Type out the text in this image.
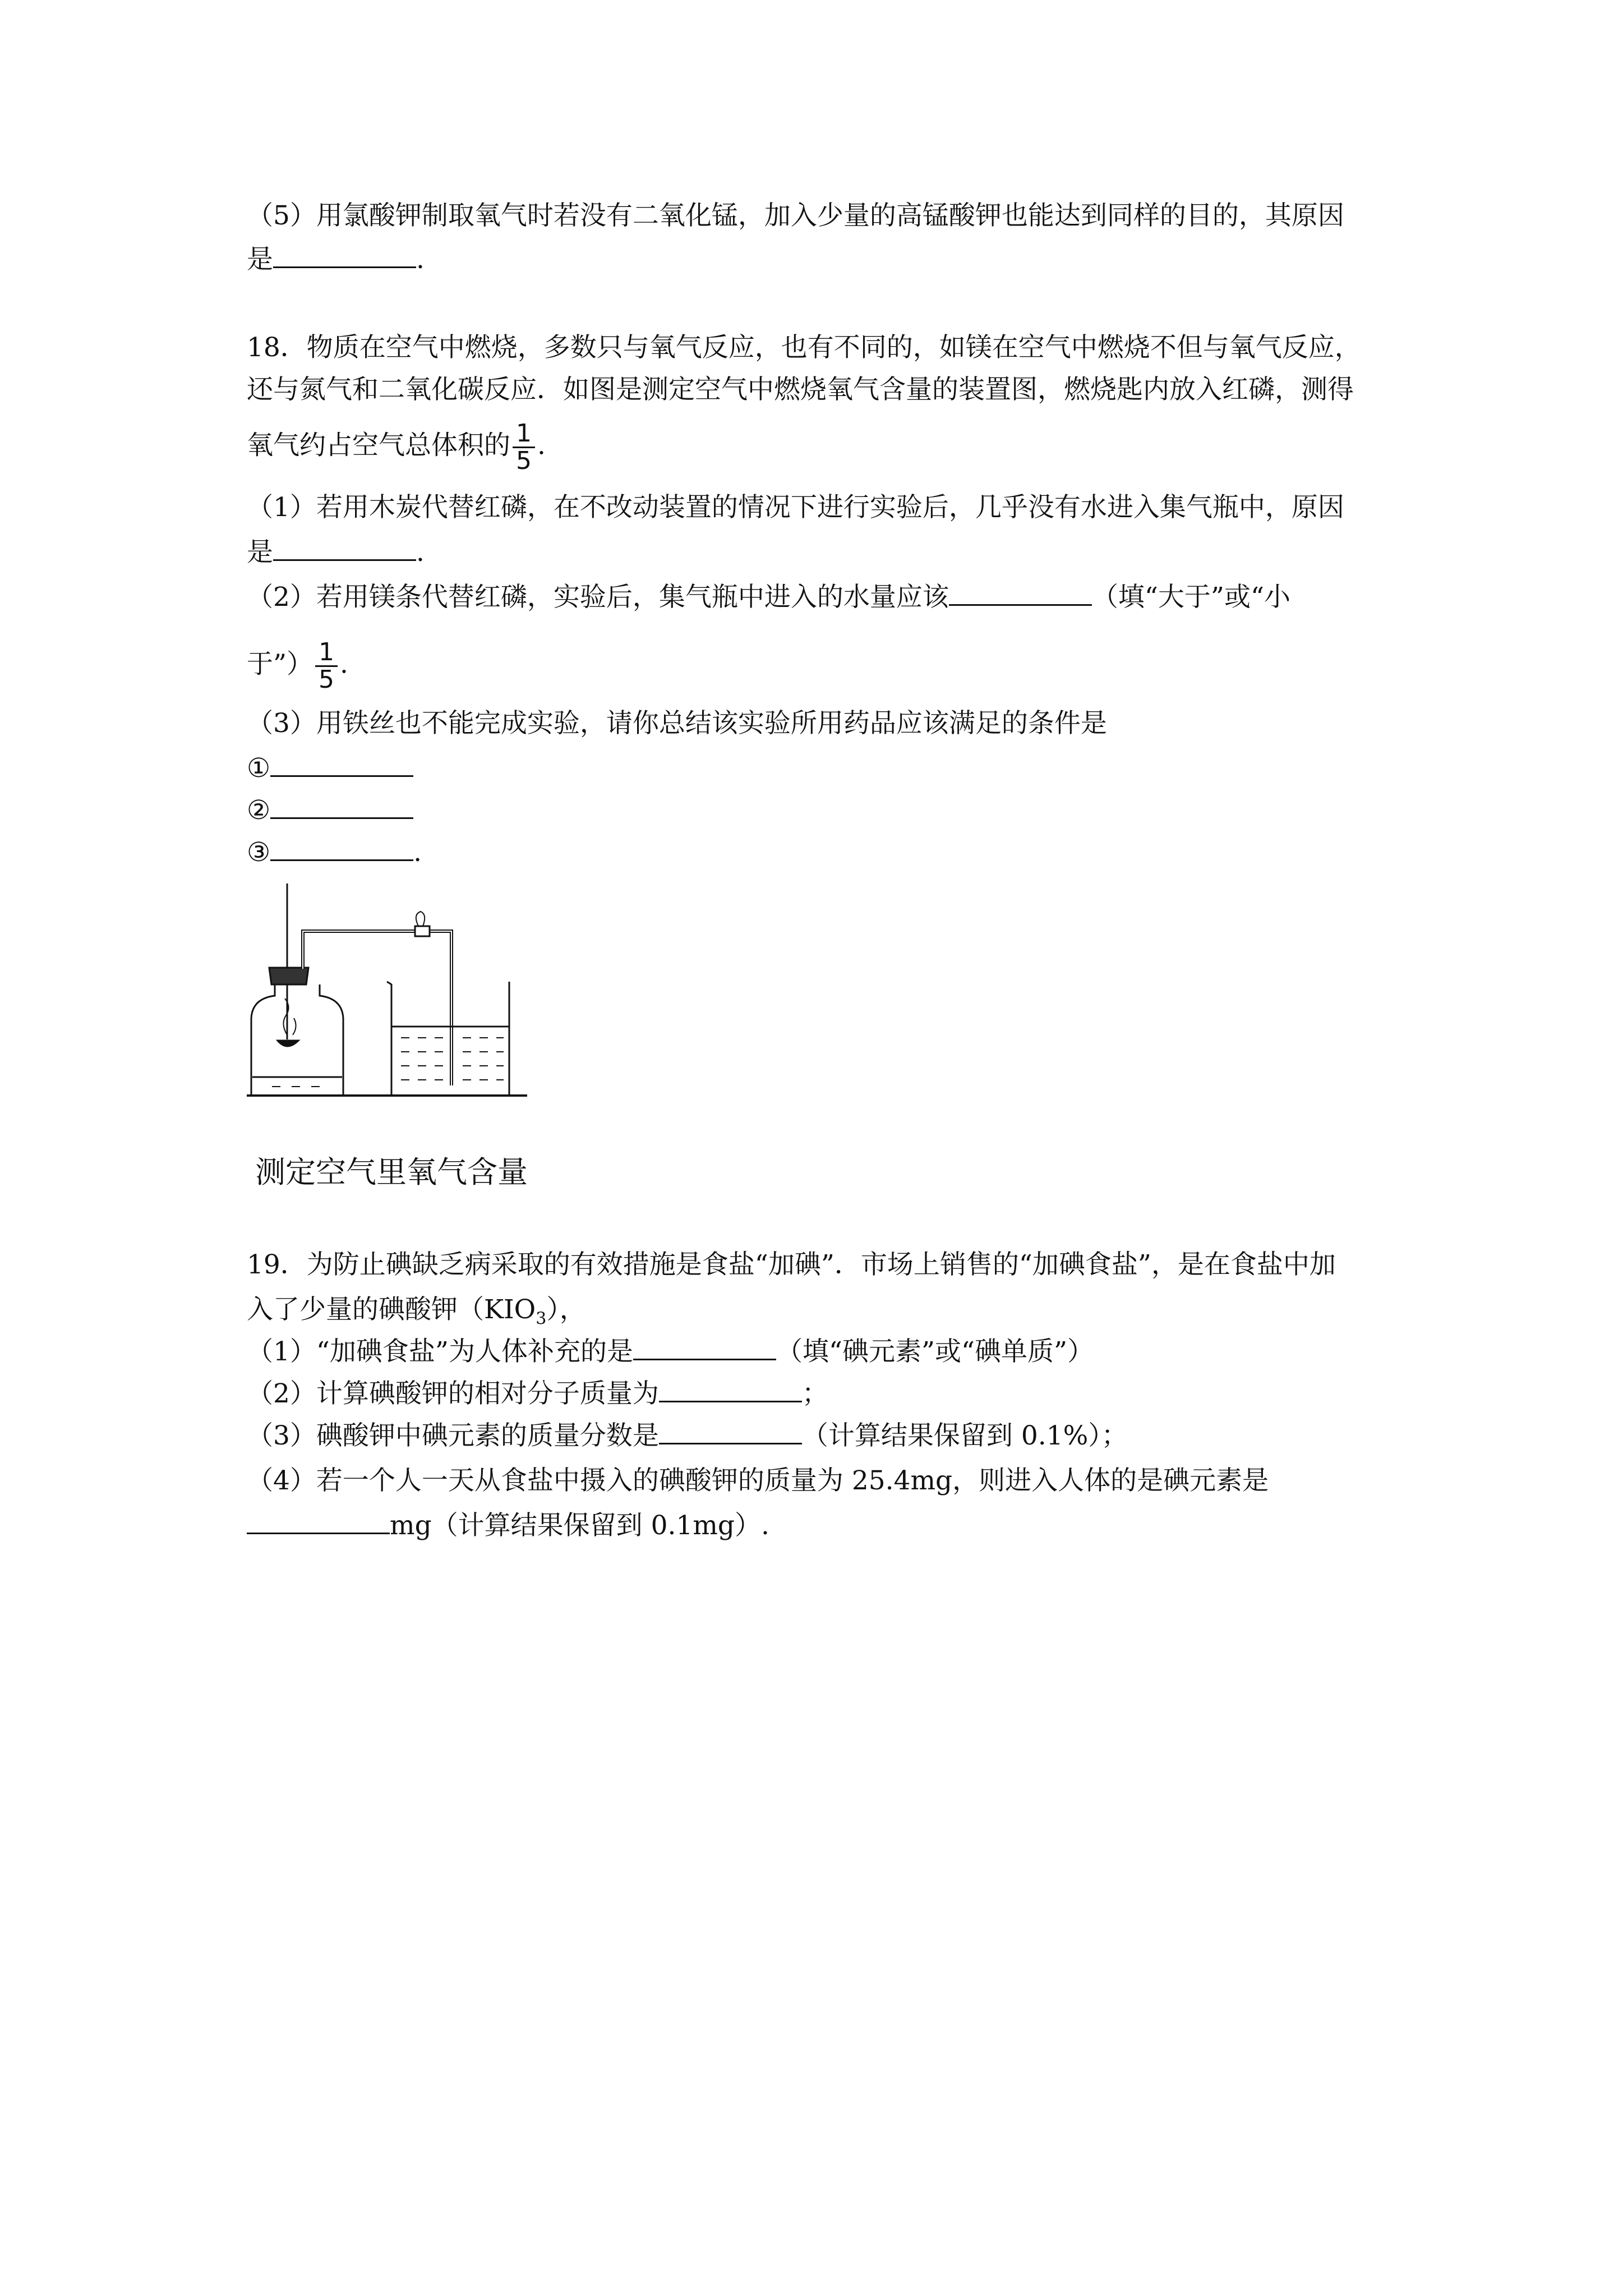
（5）用氯酸钾制取氧气时若没有二氧化锰，加入少量的高锰酸钾也能达到同样的目的，其原因
是	.
18．物质在空气中燃烧，多数只与氧气反应，也有不同的，如镁在空气中燃烧不但与氧气反应，
还与氮气和二氧化碳反应．如图是测定空气中燃烧氧气含量的装置图，燃烧匙内放入红磷，测得
氧气约占空气总体积的 $\frac{1}{5}$ .
（1）若用木炭代替红磷，在不改动装置的情况下进行实验后，几乎没有水进入集气瓶中，原因
是	.
（2）若用镁条代替红磷，实验后，集气瓶中进入的水量应该	（填“大于”或“小
于”） $\frac{1}{5}$ .
（3）用铁丝也不能完成实验，请你总结该实验所用药品应该满足的条件是
①
②
③	.
测定空气里氧气含量
19．为防止碘缺乏病采取的有效措施是食盐“加碘”．市场上销售的“加碘食盐”，是在食盐中加
入了少量的碘酸钾$(KIO_3)$，
（1）“加碘食盐”为人体补充的是	（填“碘元素”或“碘单质”）
（2）计算碘酸钾的相对分子质量为	；
（3）碘酸钾中碘元素的质量分数是	（计算结果保留到 0.1%）；
（4）若一个人一天从食盐中摄入的碘酸钾的质量为 25.4mg，则进入人体的是碘元素是
mg（计算结果保留到 0.1mg）.
